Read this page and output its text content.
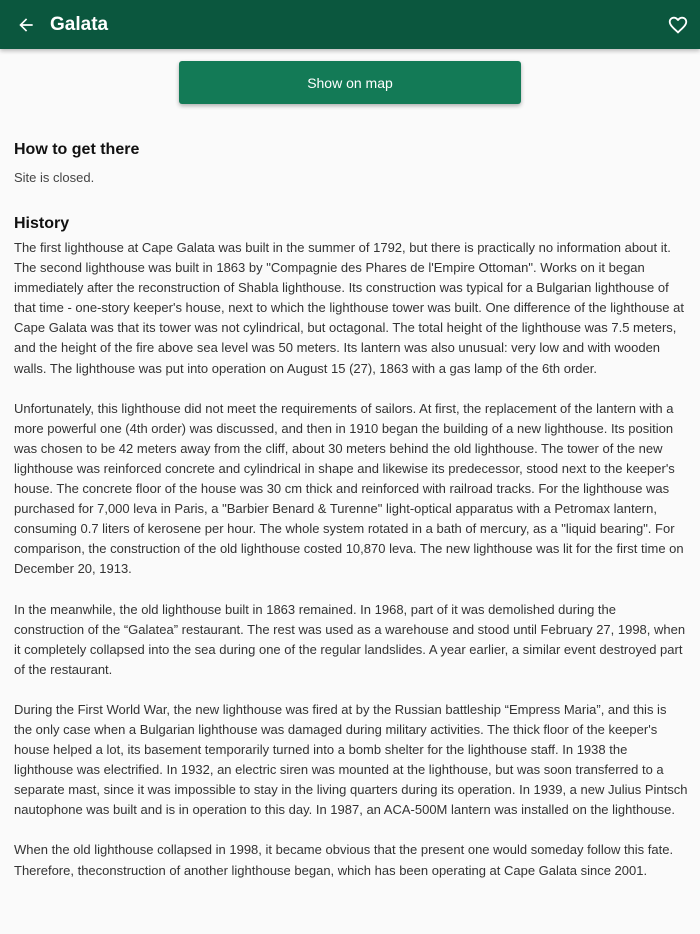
Galata
Show on map
How to get there

Site is closed.

History

The first lighthouse at Cape Galata was built in the summer of 1792, but there is practically no information about it. The second lighthouse was built in 1863 by "Compagnie des Phares de l'Empire Ottoman". Works on it began immediately after the reconstruction of Shabla lighthouse. Its construction was typical for a Bulgarian lighthouse of that time - one-story keeper's house, next to which the lighthouse tower was built. One difference of the lighthouse at Cape Galata was that its tower was not cylindrical, but octagonal. The total height of the lighthouse was 7.5 meters, and the height of the fire above sea level was 50 meters. Its lantern was also unusual: very low and with wooden walls. The lighthouse was put into operation on August 15 (27), 1863 with a gas lamp of the 6th order.

Unfortunately, this lighthouse did not meet the requirements of sailors. At first, the replacement of the lantern with a more powerful one (4th order) was discussed, and then in 1910 began the building of a new lighthouse. Its position was chosen to be 42 meters away from the cliff, about 30 meters behind the old lighthouse. The tower of the new lighthouse was reinforced concrete and cylindrical in shape and likewise its predecessor, stood next to the keeper's house. The concrete floor of the house was 30 cm thick and reinforced with railroad tracks. For the lighthouse was purchased for 7,000 leva in Paris, a "Barbier Benard & Turenne" light-optical apparatus with a Petromax lantern, consuming 0.7 liters of kerosene per hour. The whole system rotated in a bath of mercury, as a "liquid bearing". For comparison, the construction of the old lighthouse costed 10,870 leva. The new lighthouse was lit for the first time on December 20, 1913.

In the meanwhile, the old lighthouse built in 1863 remained. In 1968, part of it was demolished during the construction of the “Galatea” restaurant. The rest was used as a warehouse and stood until February 27, 1998, when it completely collapsed into the sea during one of the regular landslides. A year earlier, a similar event destroyed part of the restaurant.

During the First World War, the new lighthouse was fired at by the Russian battleship “Empress Maria”, and this is the only case when a Bulgarian lighthouse was damaged during military activities. The thick floor of the keeper's house helped a lot, its basement temporarily turned into a bomb shelter for the lighthouse staff. In 1938 the lighthouse was electrified. In 1932, an electric siren was mounted at the lighthouse, but was soon transferred to a separate mast, since it was impossible to stay in the living quarters during its operation. In 1939, a new Julius Pintsch nautophone was built and is in operation to this day. In 1987, an ACA-500M lantern was installed on the lighthouse.

When the old lighthouse collapsed in 1998, it became obvious that the present one would someday follow this fate. Therefore, theconstruction of another lighthouse began, which has been operating at Cape Galata since 2001.
